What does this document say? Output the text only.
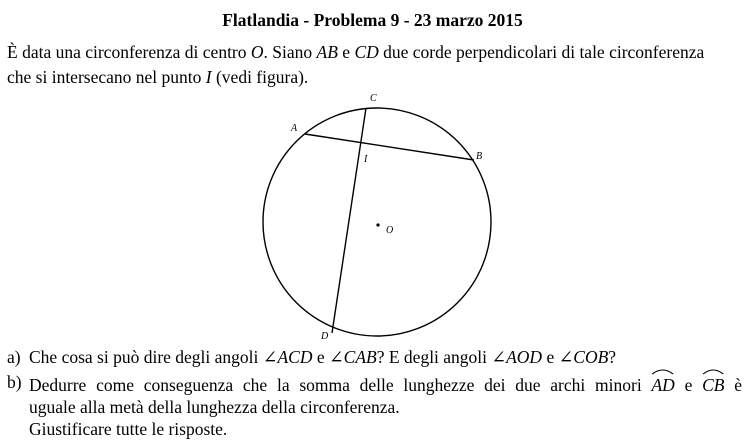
Flatlandia - Problema 9 - 23 marzo 2015

È data una circonferenza di centro O. Siano AB e CD due corde perpendicolari di tale circonferenza

che si intersecano nel punto I (vedi figura).

A
B
C
D
I
O
a) Che cosa si può dire degli angoli ∠ACD e ∠CAB? E degli angoli ∠AOD e ∠COB?
b) Dedurre come conseguenza che la somma delle lunghezze dei due archi minori AD e CB è
uguale alla metà della lunghezza della circonferenza.
Giustificare tutte le risposte.
